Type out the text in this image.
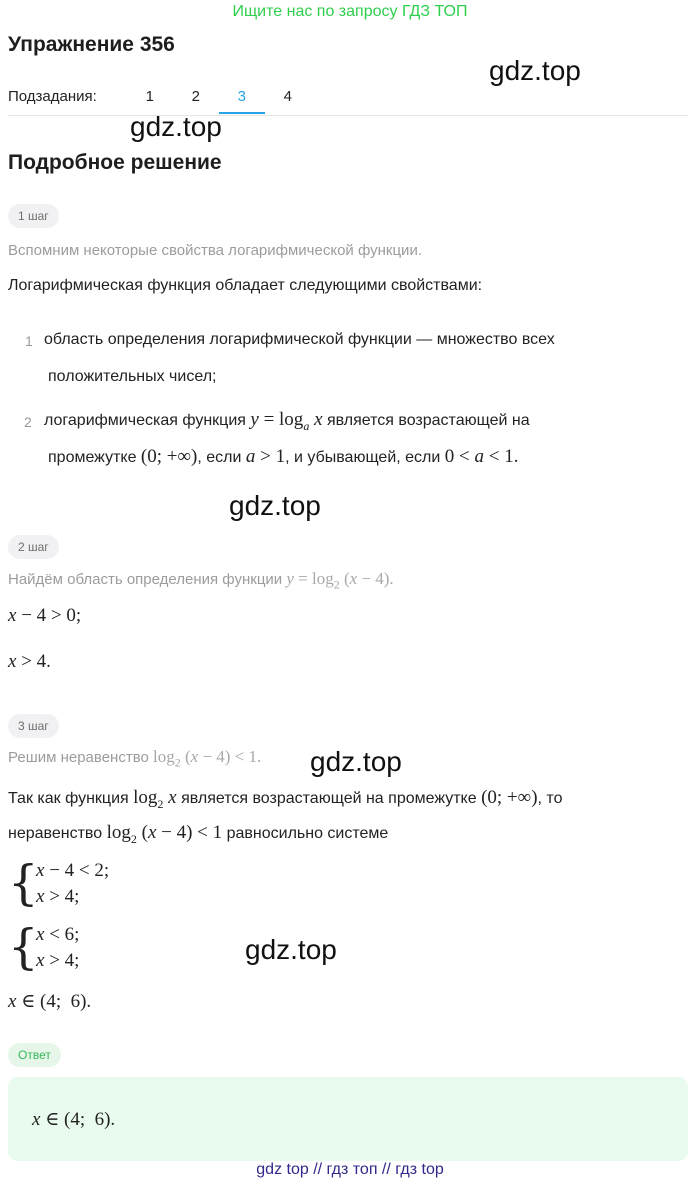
Ищите нас по запросу ГДЗ ТОП
Упражнение 356
Подзадания:	1	2	3	4
gdz.top
gdz.top
gdz.top
gdz.top
gdz.top
Подробное решение
1 шаг
Вспомним некоторые свойства логарифмической функции.
Логарифмическая функция обладает следующими свойствами:
1 область определения логарифмической функции — множество всех
положительных чисел;
2 логарифмическая функция $y = \log_a x$ является возрастающей на
промежутке (0; +∞), если a > 1, и убывающей, если 0 < a < 1.
2 шаг
Найдём область определения функции $y = \log_2 (x - 4)$.
x − 4 > 0;
x > 4.
3 шаг
Решим неравенство $\log_2 (x - 4) < 1$.
Так как функция $\log_2 x$ является возрастающей на промежутке (0; +∞), то
неравенство $\log_2 (x - 4) < 1$ равносильно системе
{
x − 4 < 2;
x > 4;
{
x < 6;
x > 4;
x ∈ (4;  6).
Ответ
x ∈ (4;  6).
gdz top // гдз топ // гдз top
